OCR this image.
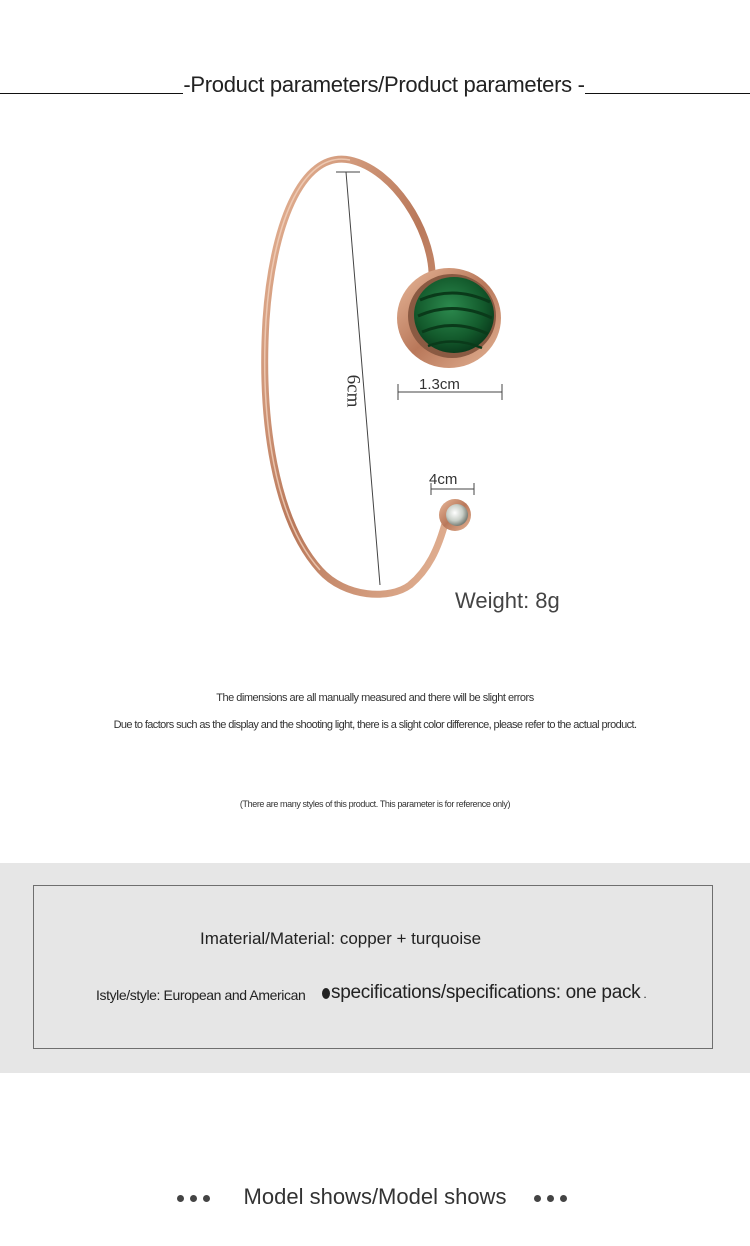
-Product parameters/Product parameters -
6cm	1.3cm
4cm
Weight: 8g
The dimensions are all manually measured and there will be slight errors
Due to factors such as the display and the shooting light, there is a slight color difference, please refer to the actual product.
(There are many styles of this product. This parameter is for reference only)
Imaterial/Material: copper + turquoise
Istyle/style: European and American	specifications/specifications: one pack .
Model shows/Model shows
